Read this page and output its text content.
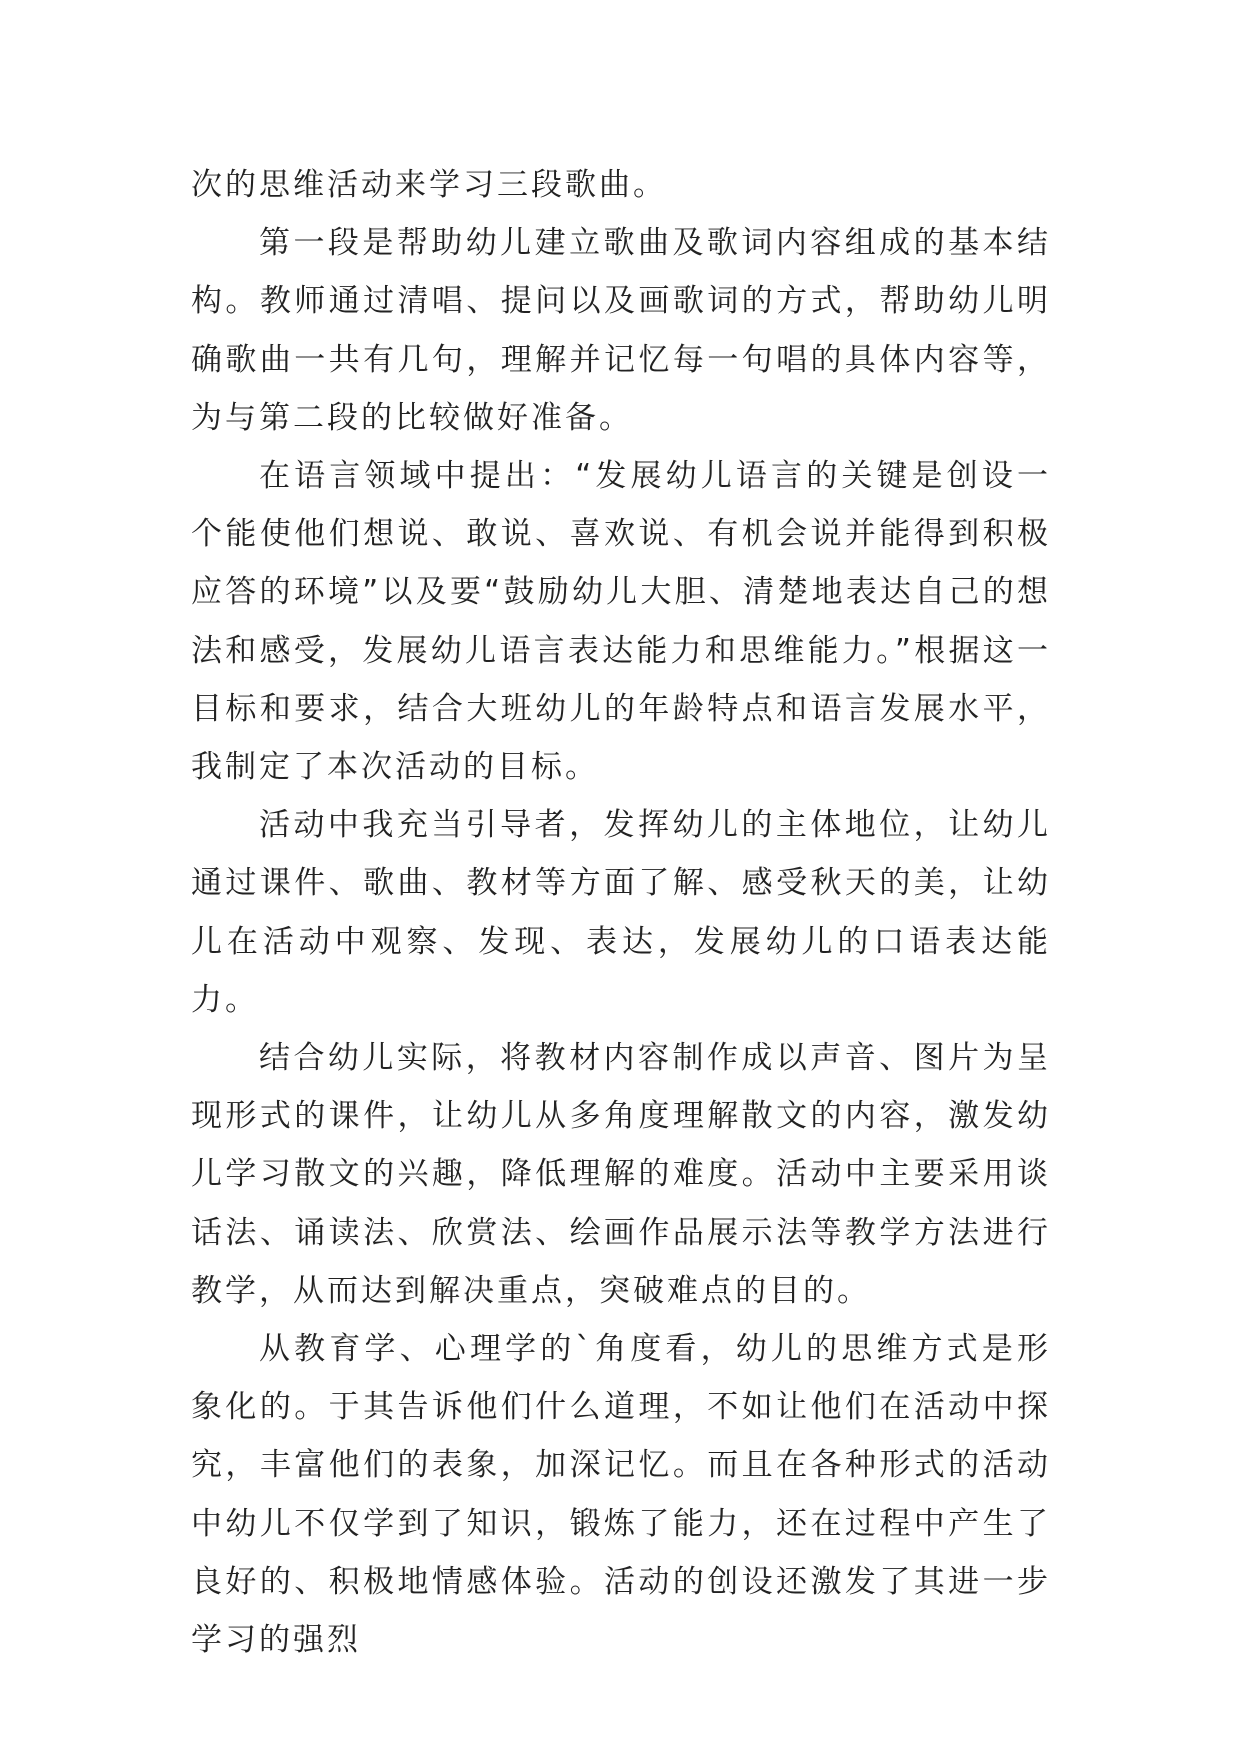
次的思维活动来学习三段歌曲。

第一段是帮助幼儿建立歌曲及歌词内容组成的基本结构。教师通过清唱、提问以及画歌词的方式，帮助幼儿明确歌曲一共有几句，理解并记忆每一句唱的具体内容等，为与第二段的比较做好准备。

在语言领域中提出：“发展幼儿语言的关键是创设一个能使他们想说、敢说、喜欢说、有机会说并能得到积极应答的环境”以及要“鼓励幼儿大胆、清楚地表达自己的想法和感受，发展幼儿语言表达能力和思维能力。”根据这一目标和要求，结合大班幼儿的年龄特点和语言发展水平，我制定了本次活动的目标。

活动中我充当引导者，发挥幼儿的主体地位，让幼儿通过课件、歌曲、教材等方面了解、感受秋天的美，让幼儿在活动中观察、发现、表达，发展幼儿的口语表达能力。

结合幼儿实际，将教材内容制作成以声音、图片为呈现形式的课件，让幼儿从多角度理解散文的内容，激发幼儿学习散文的兴趣，降低理解的难度。活动中主要采用谈话法、诵读法、欣赏法、绘画作品展示法等教学方法进行教学，从而达到解决重点，突破难点的目的。

从教育学、心理学的`角度看，幼儿的思维方式是形象化的。于其告诉他们什么道理，不如让他们在活动中探究，丰富他们的表象，加深记忆。而且在各种形式的活动中幼儿不仅学到了知识，锻炼了能力，还在过程中产生了良好的、积极地情感体验。活动的创设还激发了其进一步学习的强烈
